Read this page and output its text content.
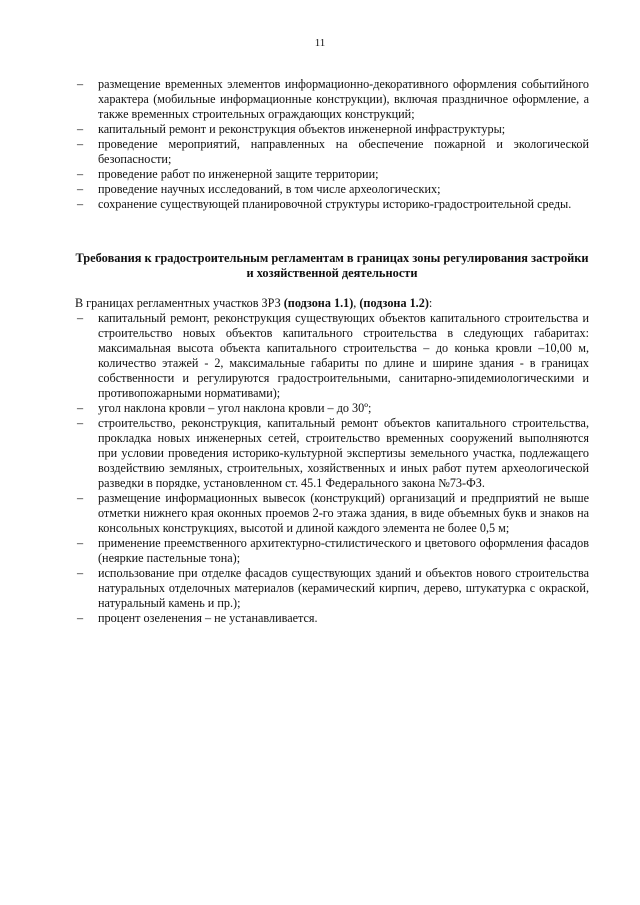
11
– размещение временных элементов информационно-декоративного оформления событийного характера (мобильные информационные конструкции), включая праздничное оформление, а также временных строительных ограждающих конструкций;
– капитальный ремонт и реконструкция объектов инженерной инфраструктуры;
– проведение мероприятий, направленных на обеспечение пожарной и экологической безопасности;
– проведение работ по инженерной защите территории;
– проведение научных исследований, в том числе археологических;
– сохранение существующей планировочной структуры историко-градостроительной среды.
Требования к градостроительным регламентам в границах зоны регулирования застройки и хозяйственной деятельности
В границах регламентных участков ЗРЗ (подзона 1.1), (подзона 1.2):
– капитальный ремонт, реконструкция существующих объектов капитального строительства и строительство новых объектов капитального строительства в следующих габаритах: максимальная высота объекта капитального строительства – до конька кровли –10,00 м, количество этажей - 2, максимальные габариты по длине и ширине здания - в границах собственности и регулируются градостроительными, санитарно-эпидемиологическими и противопожарными нормативами);
– угол наклона кровли – угол наклона кровли – до 30º;
– строительство, реконструкция, капитальный ремонт объектов капитального строительства, прокладка новых инженерных сетей, строительство временных сооружений выполняются при условии проведения историко-культурной экспертизы земельного участка, подлежащего воздействию земляных, строительных, хозяйственных и иных работ путем археологической разведки в порядке, установленном ст. 45.1 Федерального закона №73-ФЗ.
– размещение информационных вывесок (конструкций) организаций и предприятий не выше отметки нижнего края оконных проемов 2-го этажа здания, в виде объемных букв и знаков на консольных конструкциях, высотой и длиной каждого элемента не более 0,5 м;
– применение преемственного архитектурно-стилистического и цветового оформления фасадов (неяркие пастельные тона);
– использование при отделке фасадов существующих зданий и объектов нового строительства натуральных отделочных материалов (керамический кирпич, дерево, штукатурка с окраской, натуральный камень и пр.);
– процент озеленения – не устанавливается.
